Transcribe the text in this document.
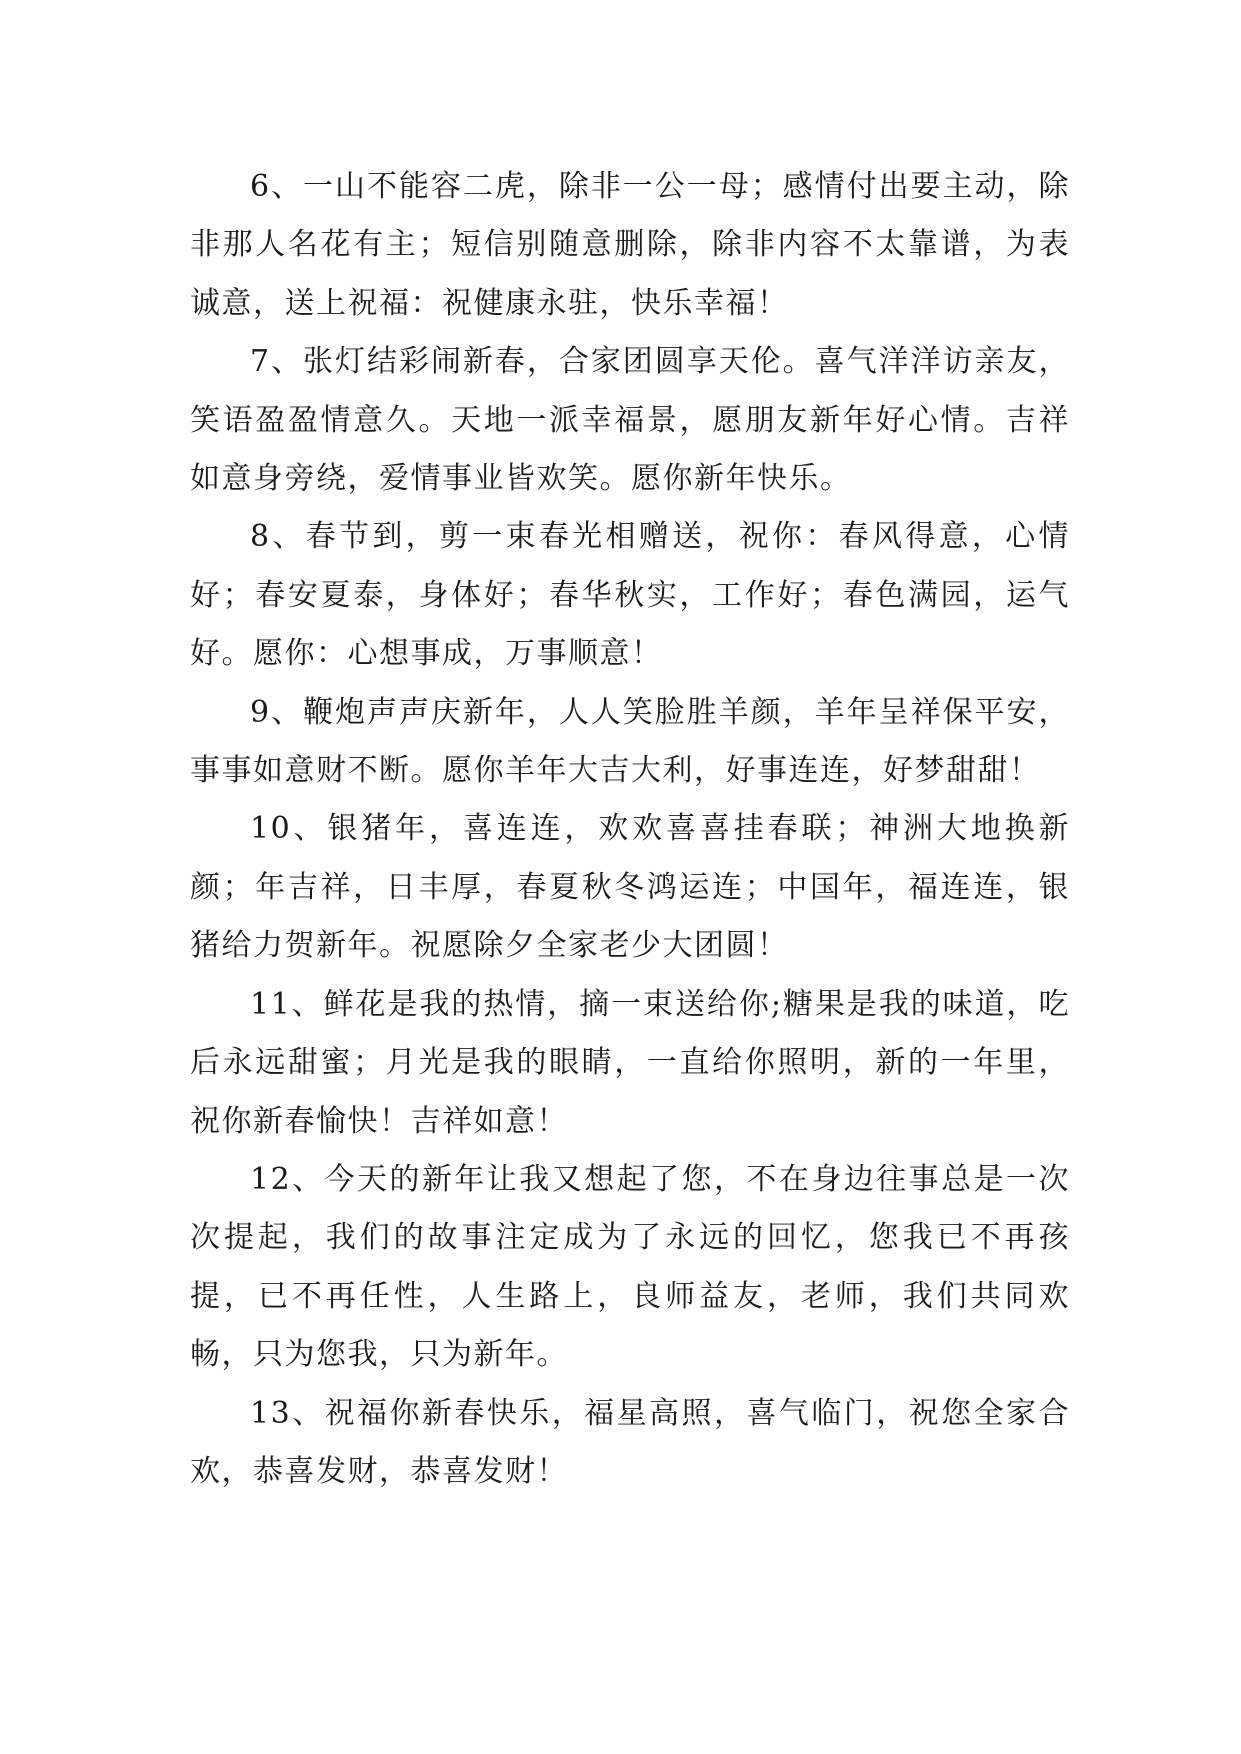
6、一山不能容二虎，除非一公一母；感情付出要主动，除非那人名花有主；短信别随意删除，除非内容不太靠谱，为表诚意，送上祝福：祝健康永驻，快乐幸福！

7、张灯结彩闹新春，合家团圆享天伦。喜气洋洋访亲友，笑语盈盈情意久。天地一派幸福景，愿朋友新年好心情。吉祥如意身旁绕，爱情事业皆欢笑。愿你新年快乐。

8、春节到，剪一束春光相赠送，祝你：春风得意，心情好；春安夏泰，身体好；春华秋实，工作好；春色满园，运气好。愿你：心想事成，万事顺意！

9、鞭炮声声庆新年，人人笑脸胜羊颜，羊年呈祥保平安，事事如意财不断。愿你羊年大吉大利，好事连连，好梦甜甜！

10、银猪年，喜连连，欢欢喜喜挂春联；神洲大地换新颜；年吉祥，日丰厚，春夏秋冬鸿运连；中国年，福连连，银猪给力贺新年。祝愿除夕全家老少大团圆！

11、鲜花是我的热情，摘一束送给你;糖果是我的味道，吃后永远甜蜜；月光是我的眼睛，一直给你照明，新的一年里，祝你新春愉快！吉祥如意！

12、今天的新年让我又想起了您，不在身边往事总是一次次提起，我们的故事注定成为了永远的回忆，您我已不再孩提，已不再任性，人生路上，良师益友，老师，我们共同欢畅，只为您我，只为新年。

13、祝福你新春快乐，福星高照，喜气临门，祝您全家合欢，恭喜发财，恭喜发财！
